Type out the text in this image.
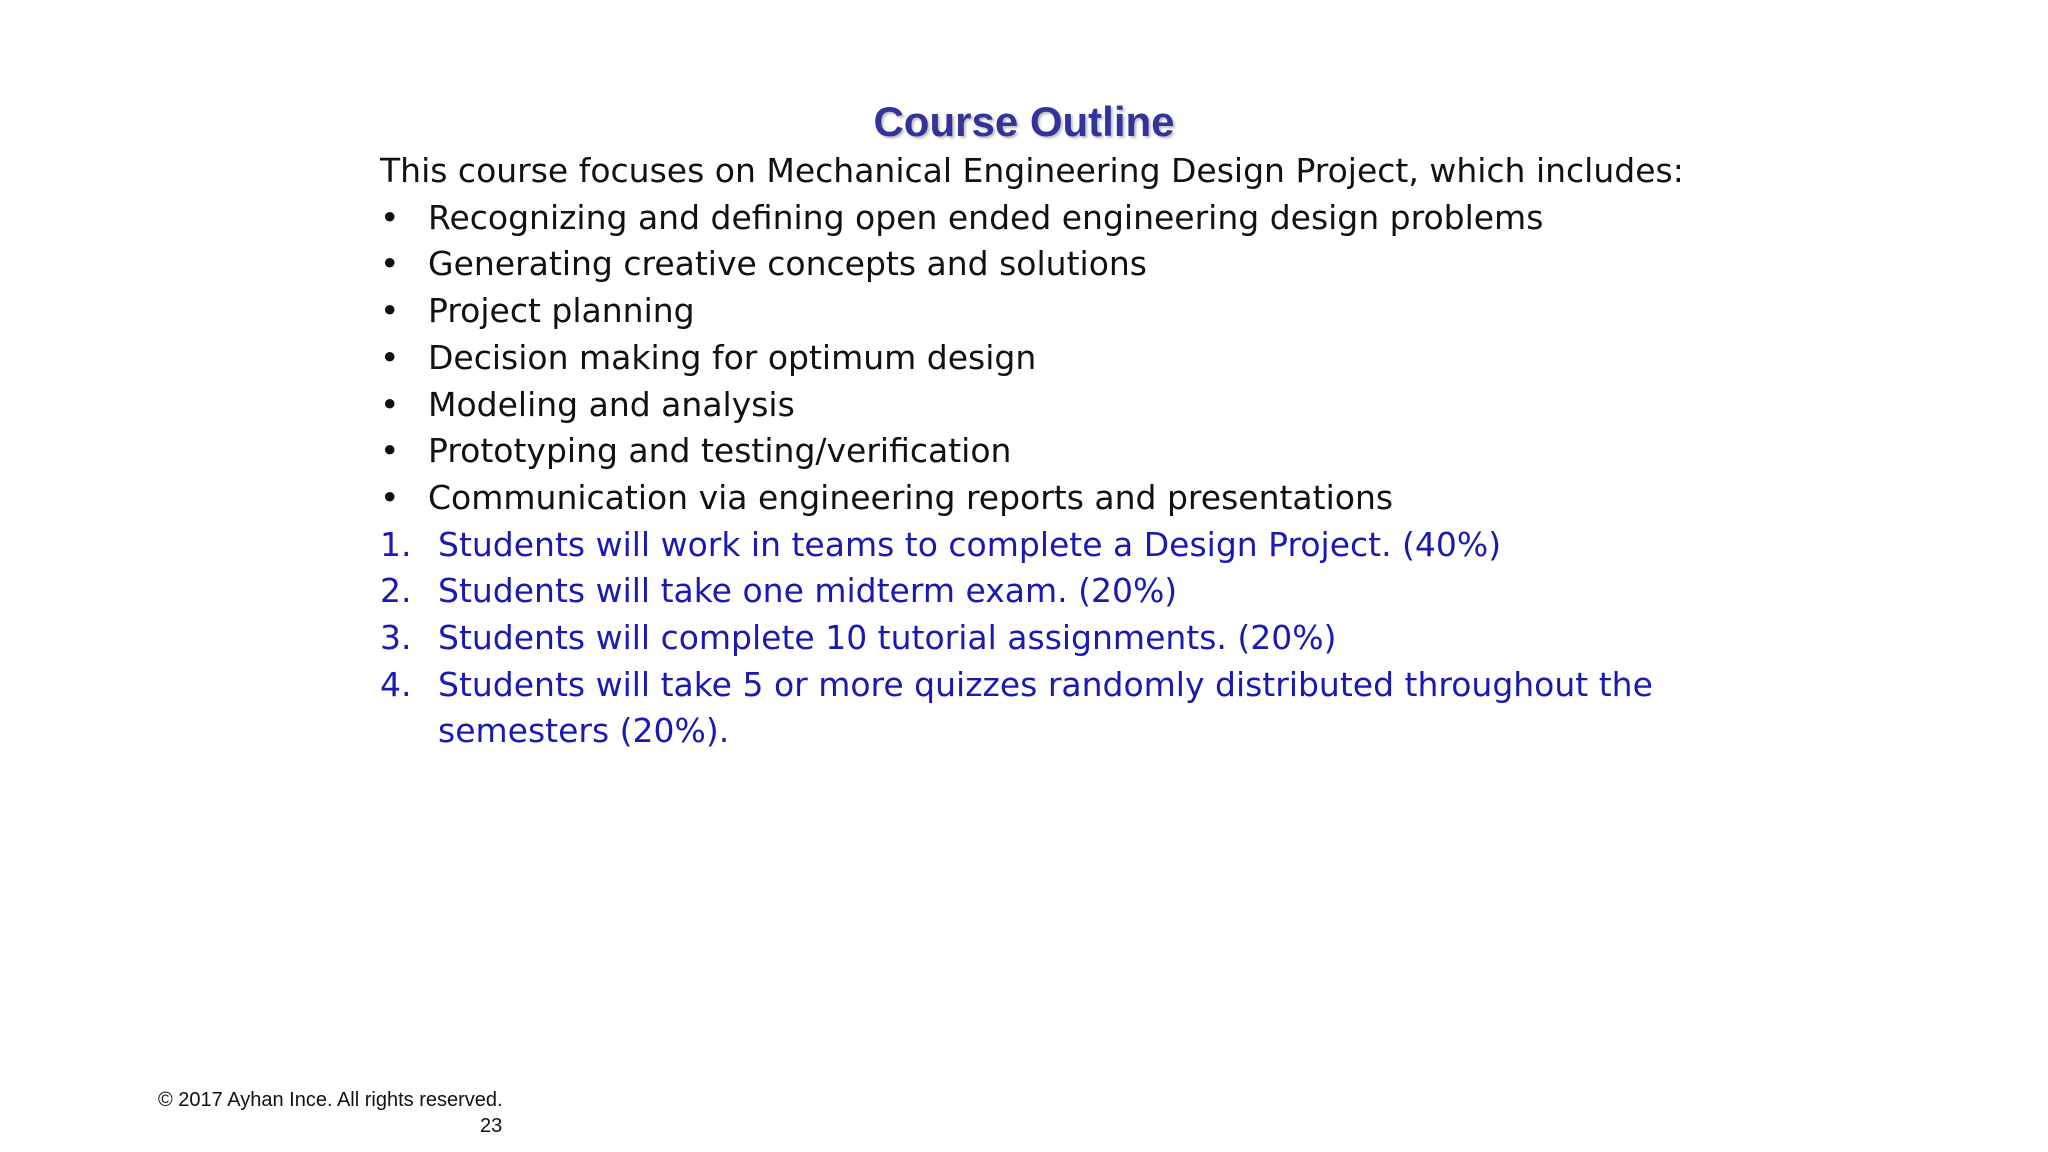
Course Outline

This course focuses on Mechanical Engineering Design Project, which includes:

• Recognizing and defining open ended engineering design problems
• Generating creative concepts and solutions
• Project planning
• Decision making for optimum design
• Modeling and analysis
• Prototyping and testing/verification
• Communication via engineering reports and presentations
1. Students will work in teams to complete a Design Project. (40%)
2. Students will take one midterm exam. (20%)
3. Students will complete 10 tutorial assignments. (20%)
4. Students will take 5 or more quizzes randomly distributed throughout the semesters (20%).
© 2017 Ayhan Ince. All rights reserved.
23
